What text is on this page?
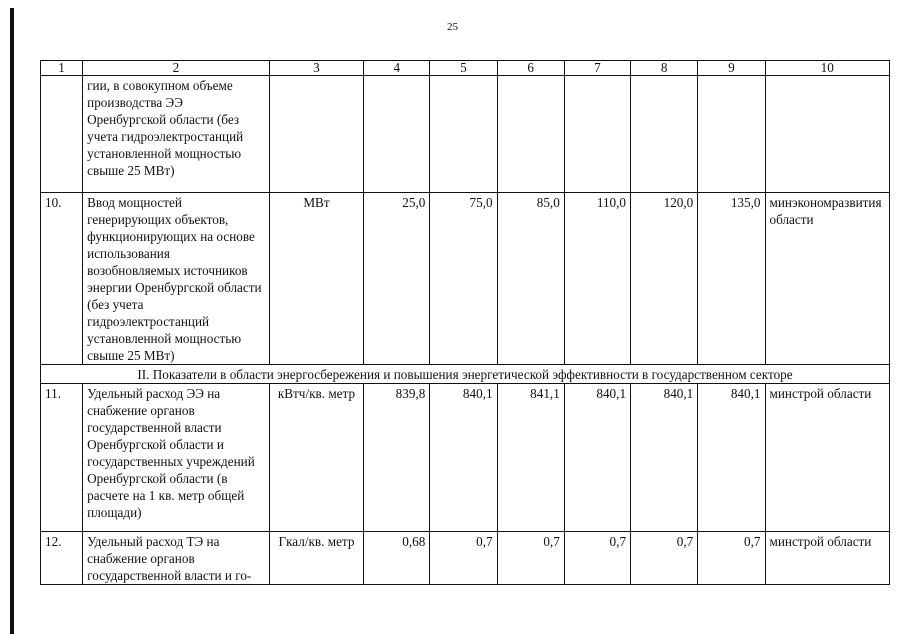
25
1	2	3	4	5	6	7	8	9	10
	гии, в совокупном объеме производства ЭЭ Оренбургской области (без учета гидроэлектростанций установленной мощностью свыше 25 МВт)								
10.	Ввод мощностей генерирующих объектов, функционирующих на основе использования возобновляемых источников энергии Оренбургской области (без учета гидроэлектростанций установленной мощностью свыше 25 МВт)	МВт	25,0	75,0	85,0	110,0	120,0	135,0	минэкономразвития области
II. Показатели в области энергосбережения и повышения энергетической эффективности в государственном секторе									
11.	Удельный расход ЭЭ на снабжение органов государственной власти Оренбургской области и государственных учреждений Оренбургской области (в расчете на 1 кв. метр общей площади)	кВтч/кв. метр	839,8	840,1	841,1	840,1	840,1	840,1	минстрой области
12.	Удельный расход ТЭ на снабжение органов государственной власти и го-	Гкал/кв. метр	0,68	0,7	0,7	0,7	0,7	0,7	минстрой области
